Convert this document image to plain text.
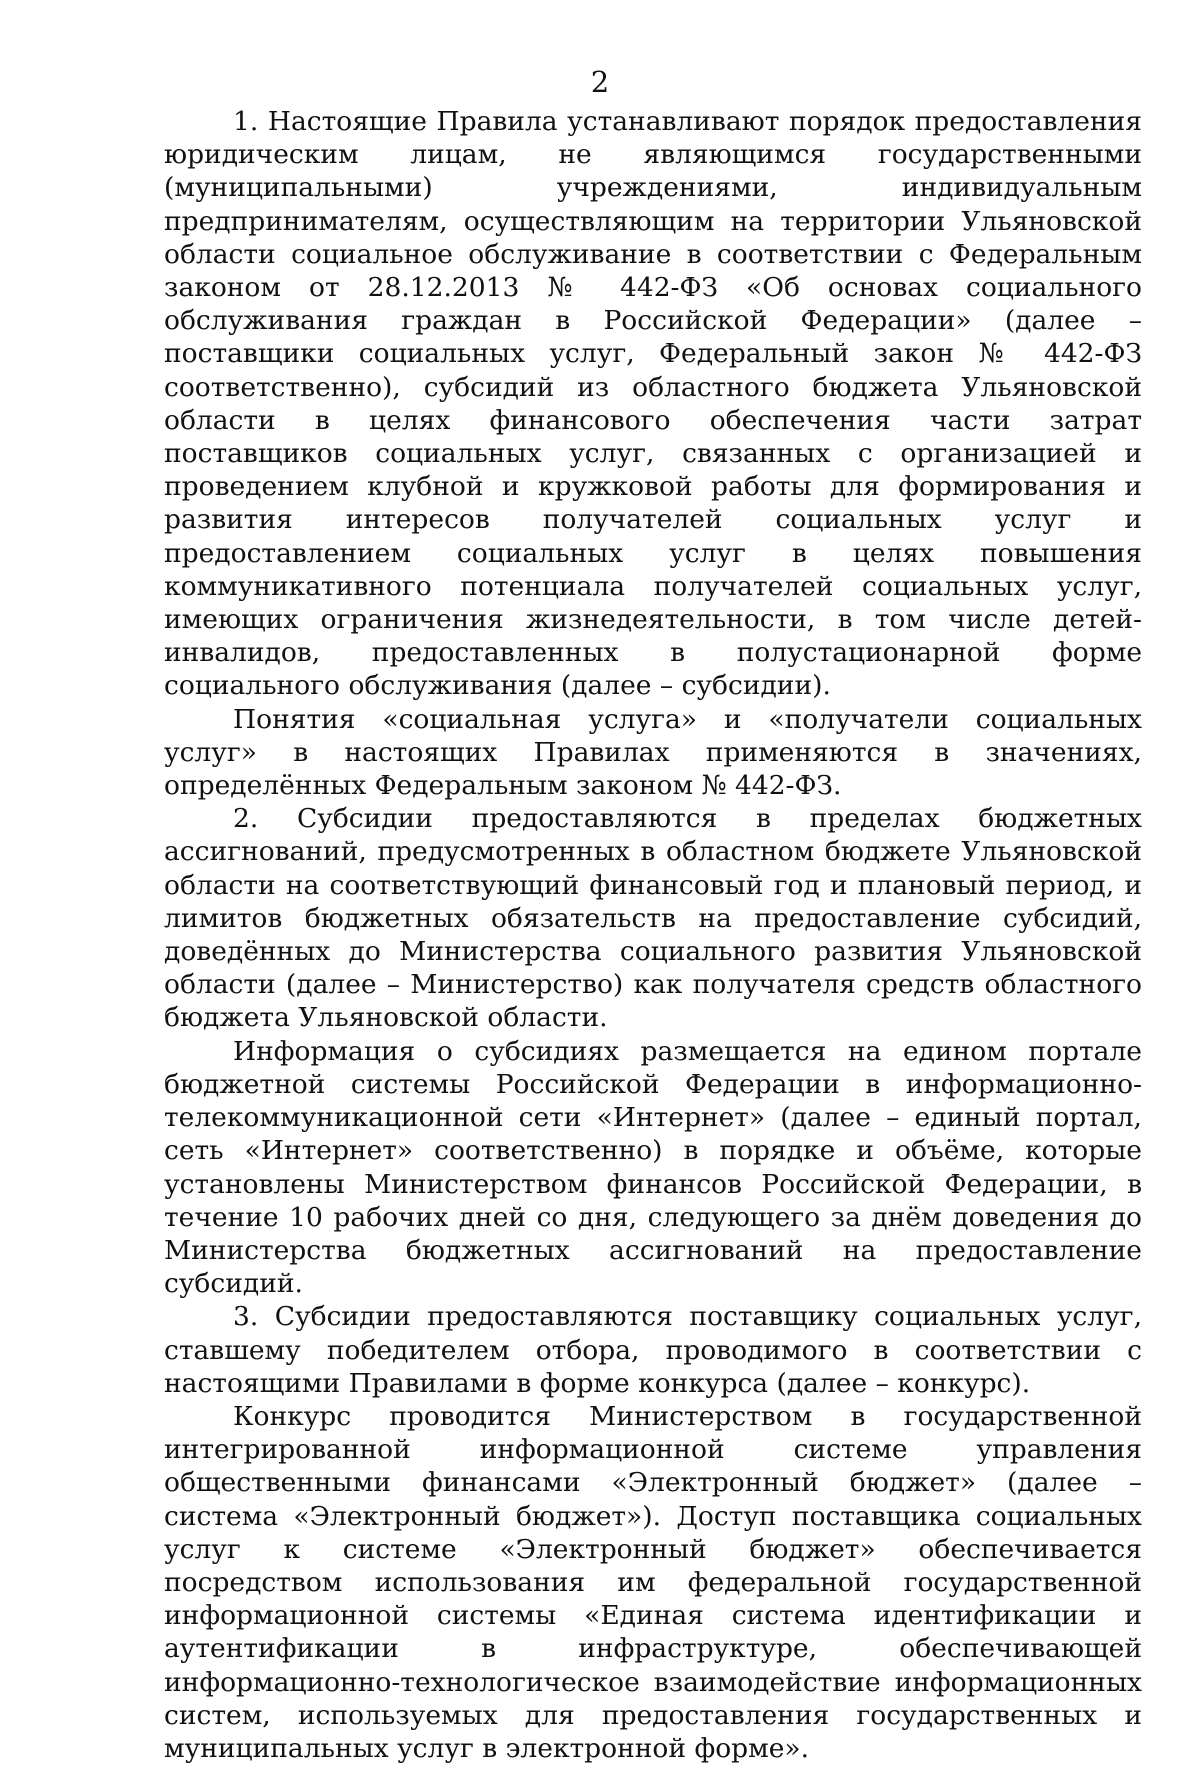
2

1. Настоящие Правила устанавливают порядок предоставления юридическим лицам, не являющимся государственными (муниципальными) учреждениями, индивидуальным предпринимателям, осуществляющим на территории Ульяновской области социальное обслуживание в соответствии с Федеральным законом от 28.12.2013 № 442-ФЗ «Об основах социального обслуживания граждан в Российской Федерации» (далее – поставщики социальных услуг, Федеральный закон № 442-ФЗ соответственно), субсидий из областного бюджета Ульяновской области в целях финансового обеспечения части затрат поставщиков социальных услуг, связанных с организацией и проведением клубной и кружковой работы для формирования и развития интересов получателей социальных услуг и предоставлением социальных услуг в целях повышения коммуникативного потенциала получателей социальных услуг, имеющих ограничения жизнедеятельности, в том числе детей-инвалидов, предоставленных в полустационарной форме социального обслуживания (далее – субсидии).

Понятия «социальная услуга» и «получатели социальных услуг» в настоящих Правилах применяются в значениях, определённых Федеральным законом № 442-ФЗ.

2. Субсидии предоставляются в пределах бюджетных ассигнований, предусмотренных в областном бюджете Ульяновской области на соответствующий финансовый год и плановый период, и лимитов бюджетных обязательств на предоставление субсидий, доведённых до Министерства социального развития Ульяновской области (далее – Министерство) как получателя средств областного бюджета Ульяновской области.

Информация о субсидиях размещается на едином портале бюджетной системы Российской Федерации в информационно-телекоммуникационной сети «Интернет» (далее – единый портал, сеть «Интернет» соответственно) в порядке и объёме, которые установлены Министерством финансов Российской Федерации, в течение 10 рабочих дней со дня, следующего за днём доведения до Министерства бюджетных ассигнований на предоставление субсидий.

3. Субсидии предоставляются поставщику социальных услуг, ставшему победителем отбора, проводимого в соответствии с настоящими Правилами в форме конкурса (далее – конкурс).

Конкурс проводится Министерством в государственной интегрированной информационной системе управления общественными финансами «Электронный бюджет» (далее – система «Электронный бюджет»). Доступ поставщика социальных услуг к системе «Электронный бюджет» обеспечивается посредством использования им федеральной государственной информационной системы «Единая система идентификации и аутентификации в инфраструктуре, обеспечивающей информационно-технологическое взаимодействие информационных систем, используемых для предоставления государственных и муниципальных услуг в электронной форме».
